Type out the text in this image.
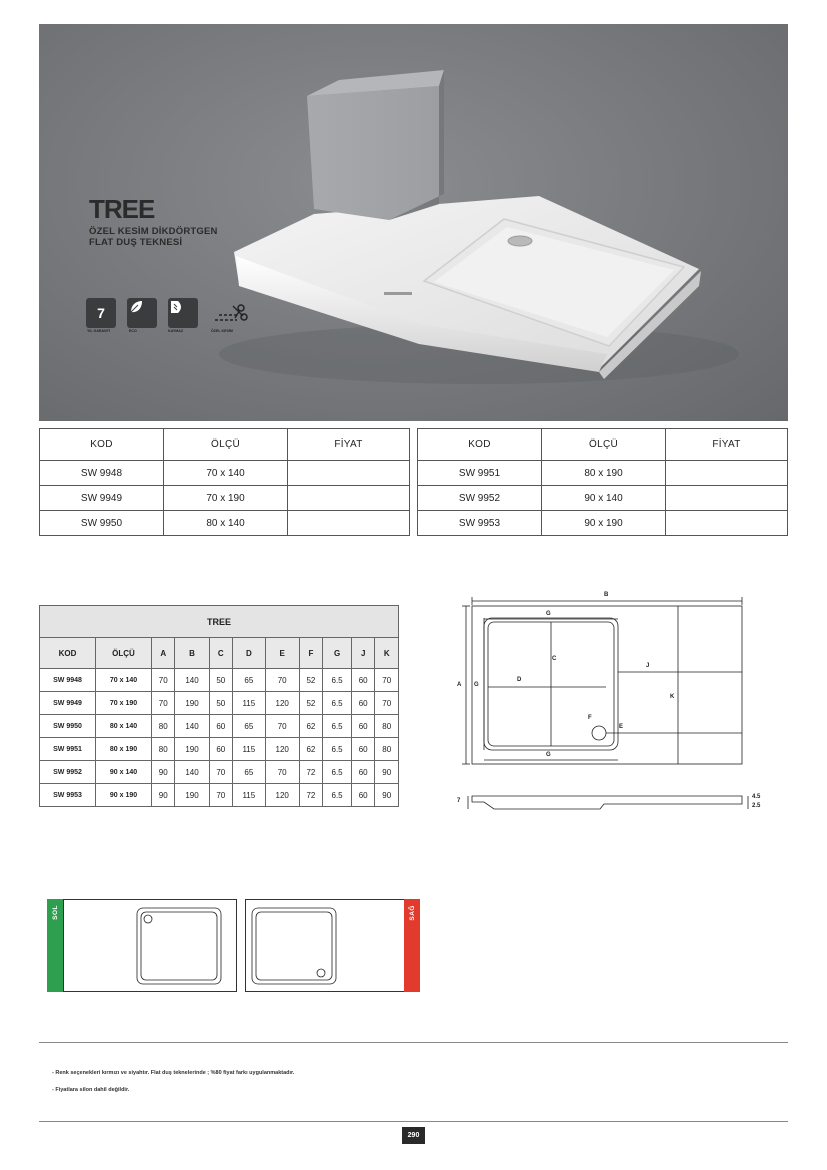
TREE
ÖZEL KESİM DİKDÖRTGEN
FLAT DUŞ TEKNESİ
7
YIL GARANTİ	ECO	KAYMAZ	ÖZEL KESİM
KOD	ÖLÇÜ	FİYAT
SW 9948	70 x 140	
SW 9949	70 x 190	
SW 9950	80 x 140	
KOD	ÖLÇÜ	FİYAT
SW 9951	80 x 190	
SW 9952	90 x 140	
SW 9953	90 x 190	
TREE										
KOD	ÖLÇÜ	A	B	C	D	E	F	G	J	K
SW 9948	70 x 140	70	140	50	65	70	52	6.5	60	70
SW 9949	70 x 190	70	190	50	115	120	52	6.5	60	70
SW 9950	80 x 140	80	140	60	65	70	62	6.5	60	80
SW 9951	80 x 190	80	190	60	115	120	62	6.5	60	80
SW 9952	90 x 140	90	140	70	65	70	72	6.5	60	90
SW 9953	90 x 190	90	190	70	115	120	72	6.5	60	90
B
G
A G
C
D
J
K
F
E
G
7
4.5
2.5
SOL	SAĞ
- Renk seçenekleri kırmızı ve siyahtır. Flat duş teknelerinde ; %80 fiyat farkı uygulanmaktadır.
- Fiyatlara silon dahil değildir.
290
